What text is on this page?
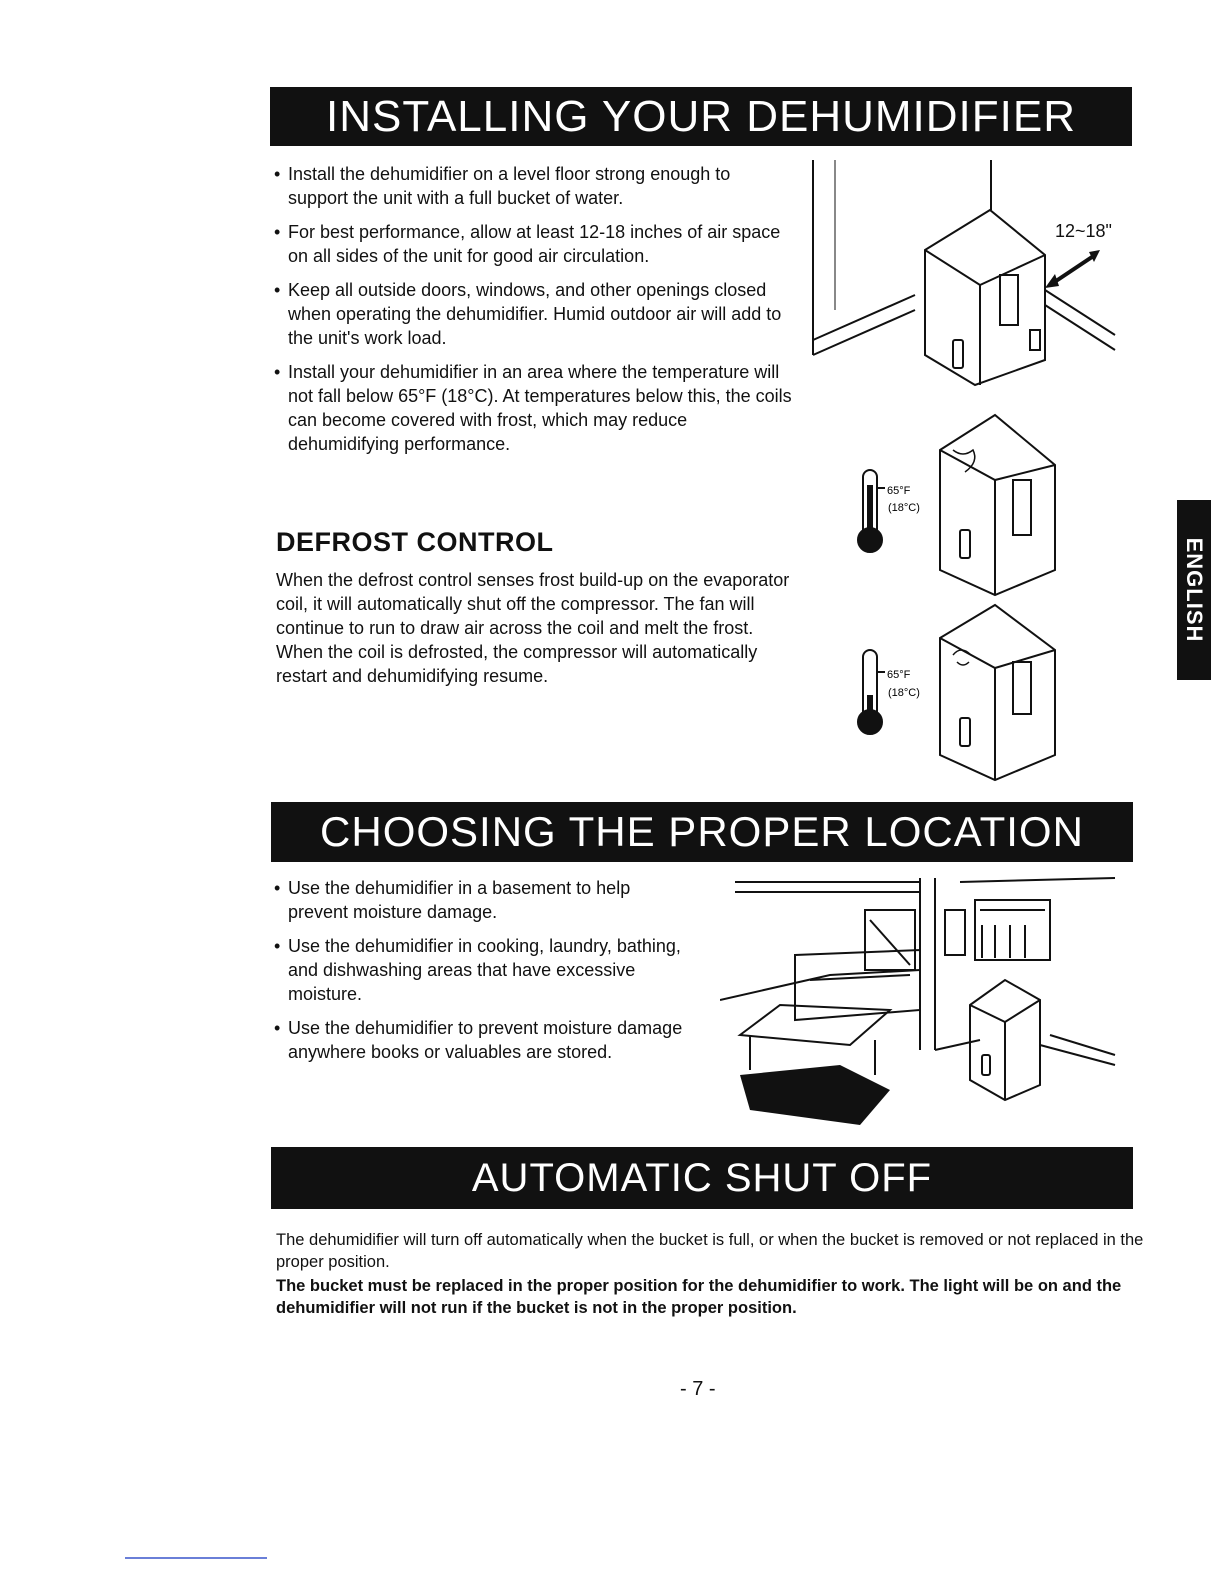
INSTALLING YOUR DEHUMIDIFIER
• Install the dehumidifier on a level floor strong enough to support the unit with a full bucket of water.
• For best performance, allow at least 12-18 inches of air space on all sides of the unit for good air circulation.
• Keep all outside doors, windows, and other openings closed when operating the dehumidifier. Humid outdoor air will add to the unit's work load.
• Install your dehumidifier in an area where the temperature will not fall below 65°F (18°C). At temperatures below this, the coils can become covered with frost, which may reduce dehumidifying performance.
DEFROST CONTROL
When the defrost control senses frost build-up on the evaporator coil, it will automatically shut off the compressor. The fan will continue to run to draw air across the coil and melt the frost. When the coil is defrosted, the compressor will automatically restart and dehumidifying resume.
12~18"
65°F
(18°C)
65°F
(18°C)
ENGLISH
CHOOSING THE PROPER LOCATION
• Use the dehumidifier in a basement to help prevent moisture damage.
• Use the dehumidifier in cooking, laundry, bathing, and dishwashing areas that have excessive moisture.
• Use the dehumidifier to prevent moisture damage anywhere books or valuables are stored.
AUTOMATIC SHUT OFF
The dehumidifier will turn off automatically when the bucket is full, or when the bucket is removed or not replaced in the proper position.
The bucket must be replaced in the proper position for the dehumidifier to work. The light will be on and the dehumidifier will not run if the bucket is not in the proper position.
- 7 -
